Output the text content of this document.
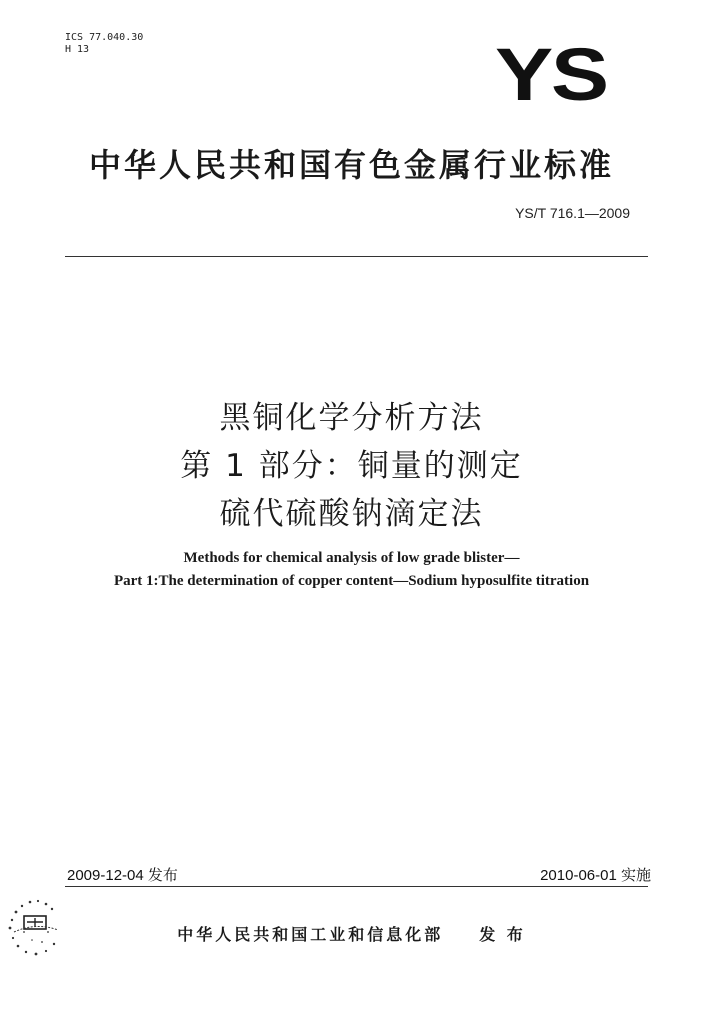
ICS 77.040.30
H 13	YS
中华人民共和国有色金属行业标准
YS/T 716.1—2009
黑铜化学分析方法
第 1 部分：铜量的测定
硫代硫酸钠滴定法
Methods for chemical analysis of low grade blister—
Part 1:The determination of copper content—Sodium hyposulfite titration
2009-12-04 发布	2010-06-01 实施
中华人民共和国工业和信息化部 发 布
